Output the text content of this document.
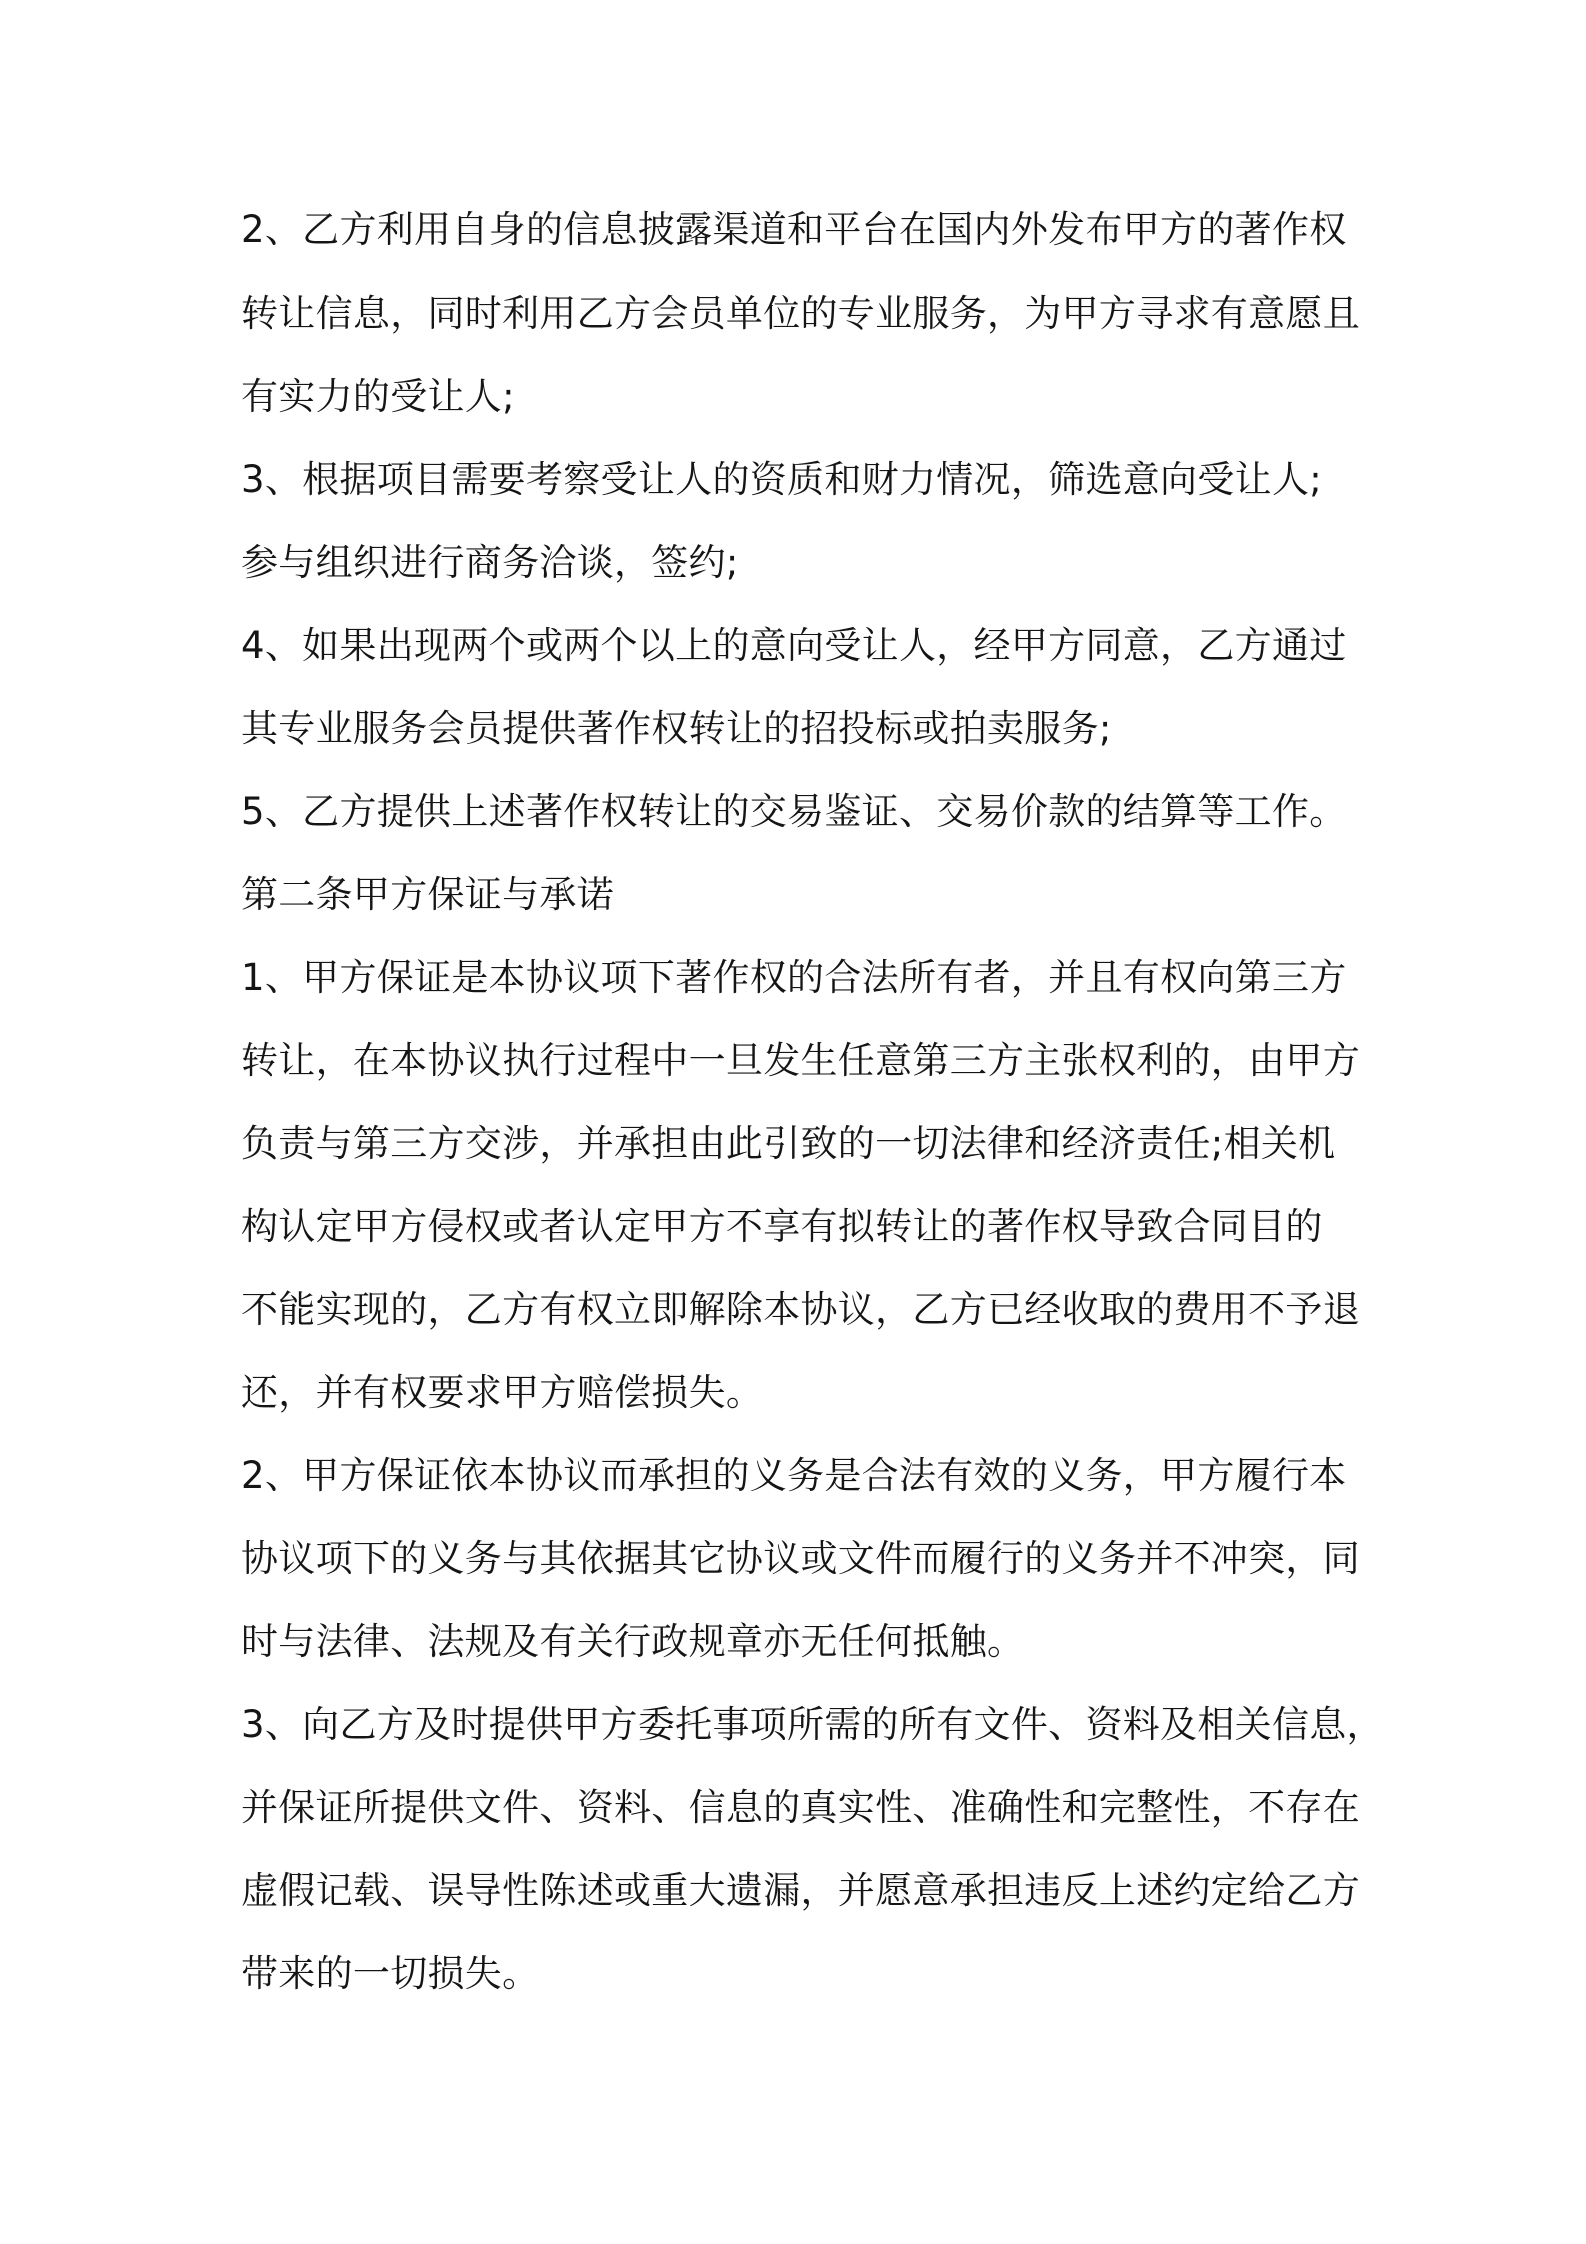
2、乙方利用自身的信息披露渠道和平台在国内外发布甲方的著作权
转让信息，同时利用乙方会员单位的专业服务，为甲方寻求有意愿且
有实力的受让人;
3、根据项目需要考察受让人的资质和财力情况，筛选意向受让人;
参与组织进行商务洽谈，签约;
4、如果出现两个或两个以上的意向受让人，经甲方同意，乙方通过
其专业服务会员提供著作权转让的招投标或拍卖服务;
5、乙方提供上述著作权转让的交易鉴证、交易价款的结算等工作。
第二条甲方保证与承诺
1、甲方保证是本协议项下著作权的合法所有者，并且有权向第三方
转让，在本协议执行过程中一旦发生任意第三方主张权利的，由甲方
负责与第三方交涉，并承担由此引致的一切法律和经济责任;相关机
构认定甲方侵权或者认定甲方不享有拟转让的著作权导致合同目的
不能实现的，乙方有权立即解除本协议，乙方已经收取的费用不予退
还，并有权要求甲方赔偿损失。
2、甲方保证依本协议而承担的义务是合法有效的义务，甲方履行本
协议项下的义务与其依据其它协议或文件而履行的义务并不冲突，同
时与法律、法规及有关行政规章亦无任何抵触。
3、向乙方及时提供甲方委托事项所需的所有文件、资料及相关信息，
并保证所提供文件、资料、信息的真实性、准确性和完整性，不存在
虚假记载、误导性陈述或重大遗漏，并愿意承担违反上述约定给乙方
带来的一切损失。
